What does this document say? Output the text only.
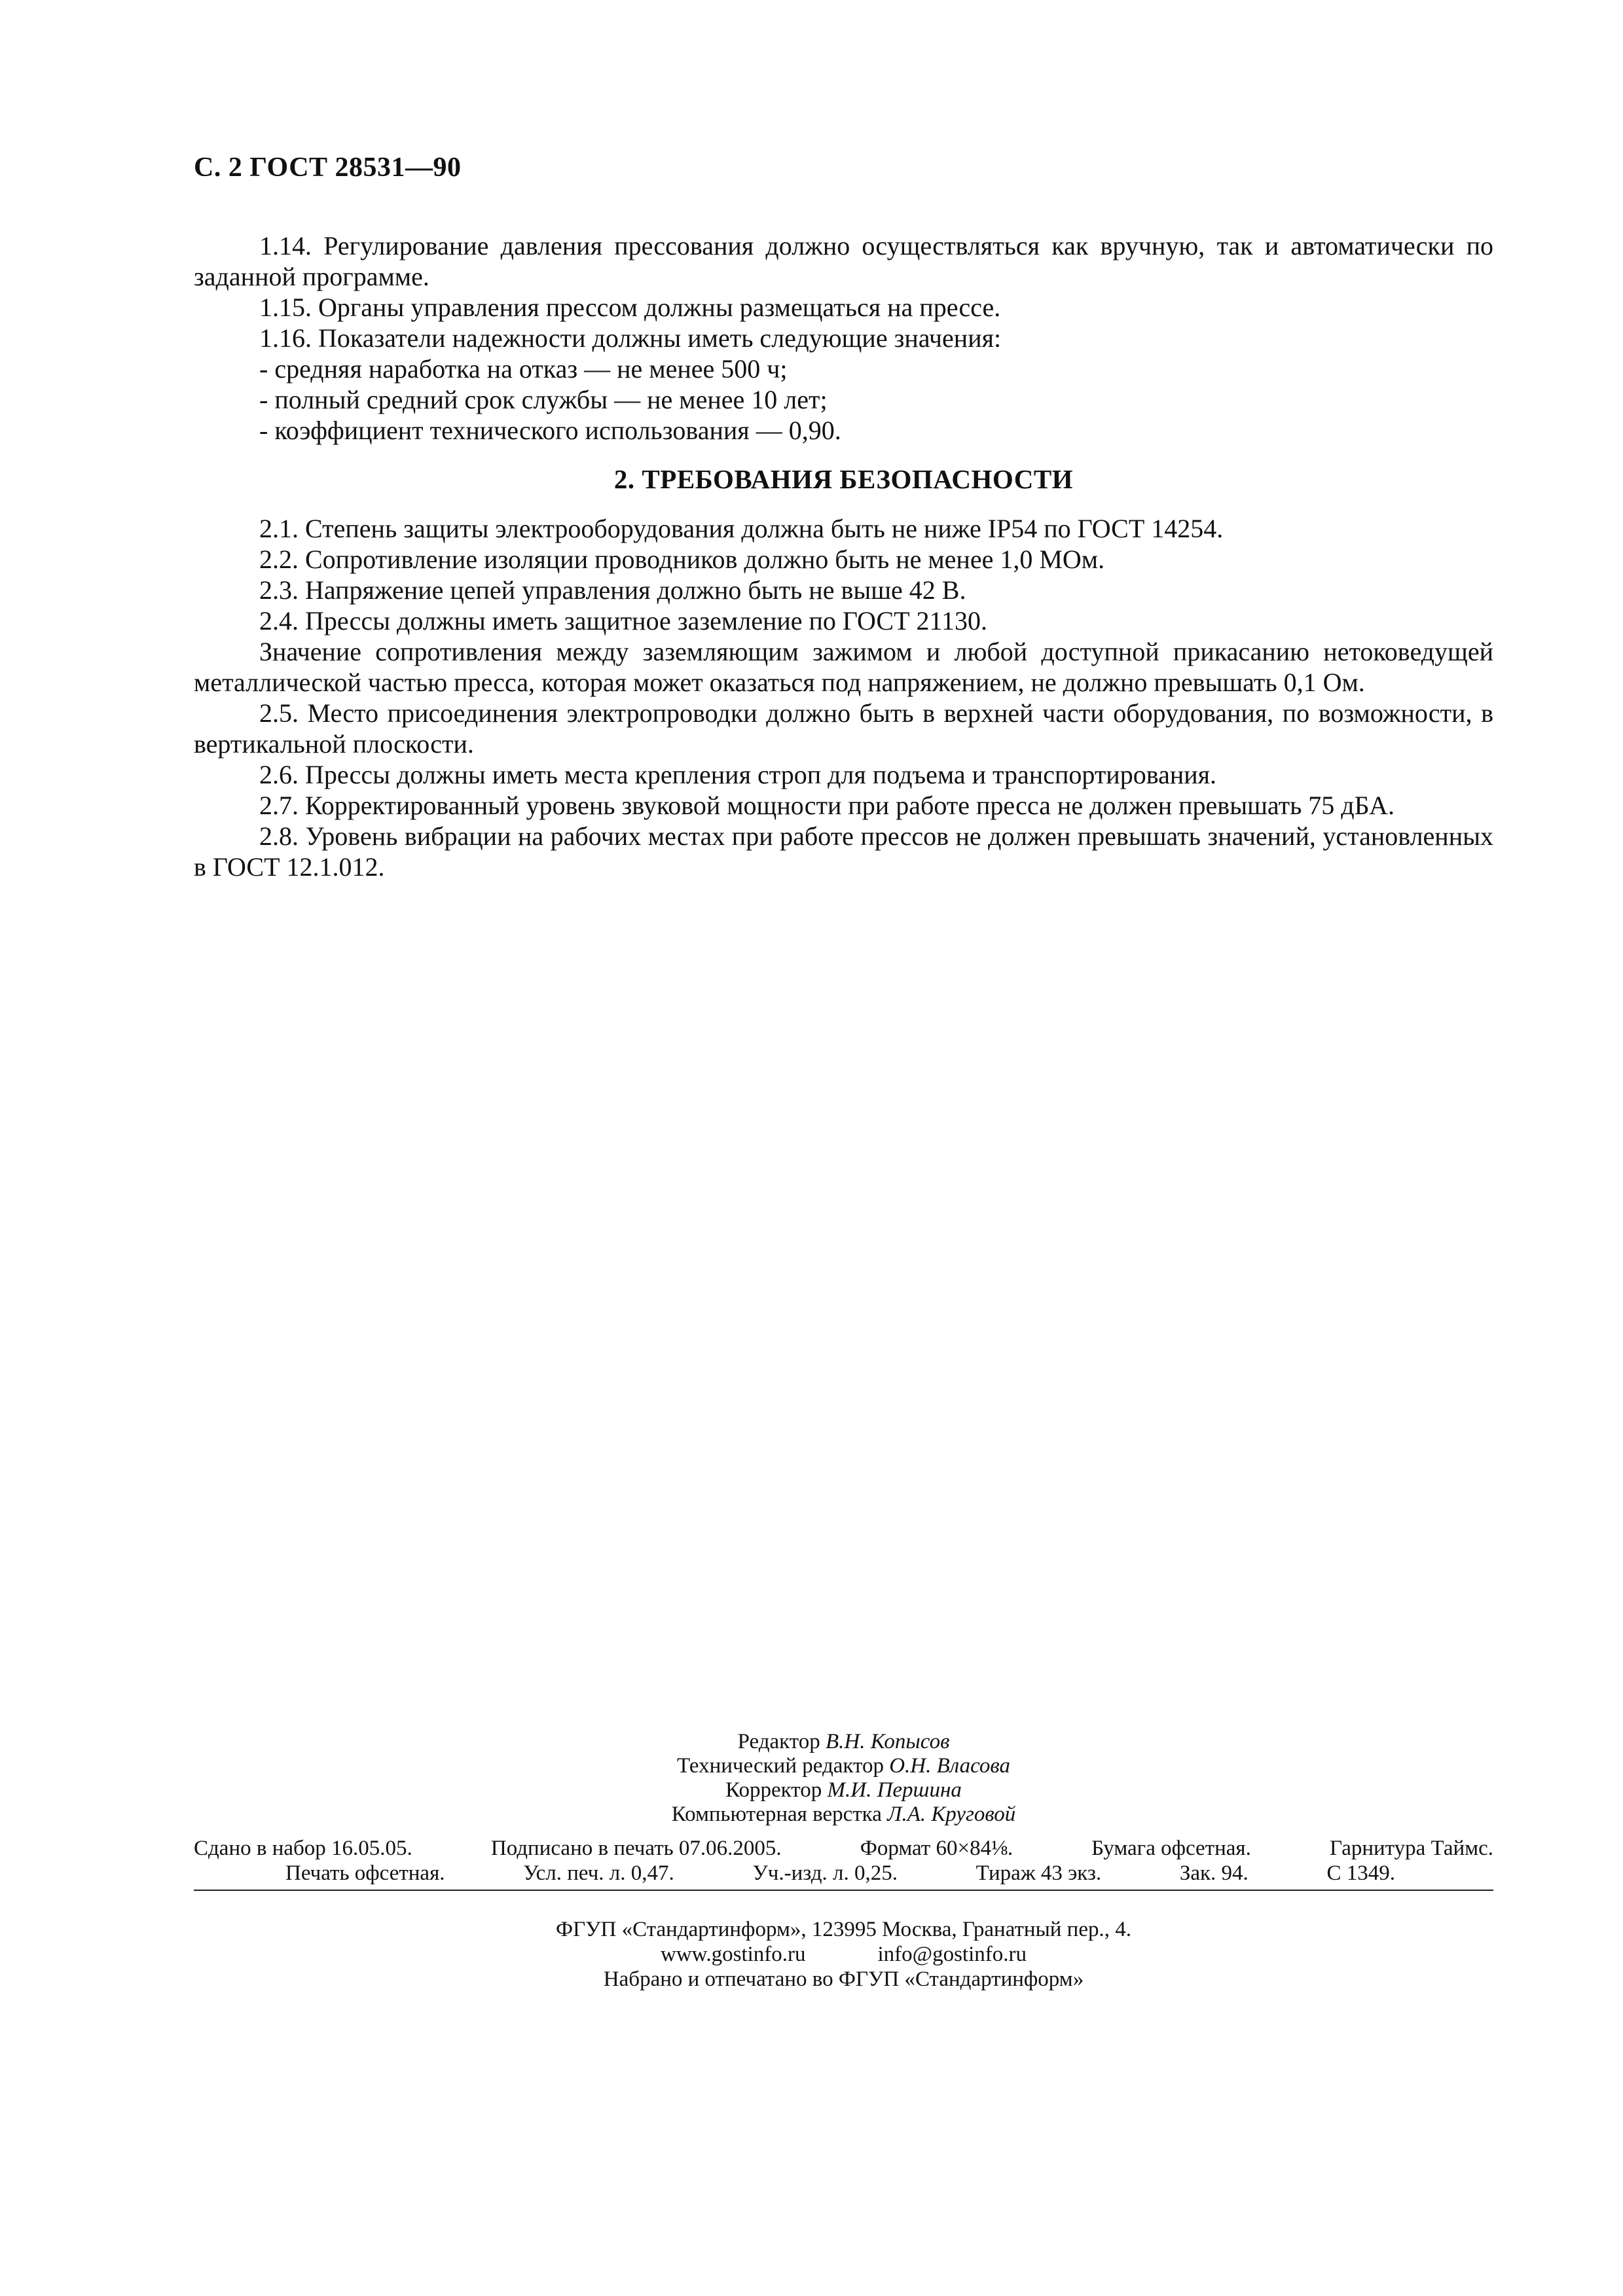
С. 2 ГОСТ 28531—90

1.14. Регулирование давления прессования должно осуществляться как вручную, так и автоматически по заданной программе.

1.15. Органы управления прессом должны размещаться на прессе.

1.16. Показатели надежности должны иметь следующие значения:

- средняя наработка на отказ — не менее 500 ч;

- полный средний срок службы — не менее 10 лет;

- коэффициент технического использования — 0,90.

2. ТРЕБОВАНИЯ БЕЗОПАСНОСТИ

2.1. Степень защиты электрооборудования должна быть не ниже IP54 по ГОСТ 14254.

2.2. Сопротивление изоляции проводников должно быть не менее 1,0 МОм.

2.3. Напряжение цепей управления должно быть не выше 42 В.

2.4. Прессы должны иметь защитное заземление по ГОСТ 21130.

Значение сопротивления между заземляющим зажимом и любой доступной прикасанию нетоковедущей металлической частью пресса, которая может оказаться под напряжением, не должно превышать 0,1 Ом.

2.5. Место присоединения электропроводки должно быть в верхней части оборудования, по возможности, в вертикальной плоскости.

2.6. Прессы должны иметь места крепления строп для подъема и транспортирования.

2.7. Корректированный уровень звуковой мощности при работе пресса не должен превышать 75 дБА.

2.8. Уровень вибрации на рабочих местах при работе прессов не должен превышать значений, установленных в ГОСТ 12.1.012.

Редактор В.Н. Копысов
Технический редактор О.Н. Власова
Корректор М.И. Першина
Компьютерная верстка Л.А. Круговой
Сдано в набор 16.05.05.	Подписано в печать 07.06.2005.	Формат 60×84⅛.	Бумага офсетная.	Гарнитура Таймс.
Печать офсетная.	Усл. печ. л. 0,47.	Уч.-изд. л. 0,25.	Тираж 43 экз.	Зак. 94.	С 1349.
ФГУП «Стандартинформ», 123995 Москва, Гранатный пер., 4.
www.gostinfo.ru	info@gostinfo.ru
Набрано и отпечатано во ФГУП «Стандартинформ»
